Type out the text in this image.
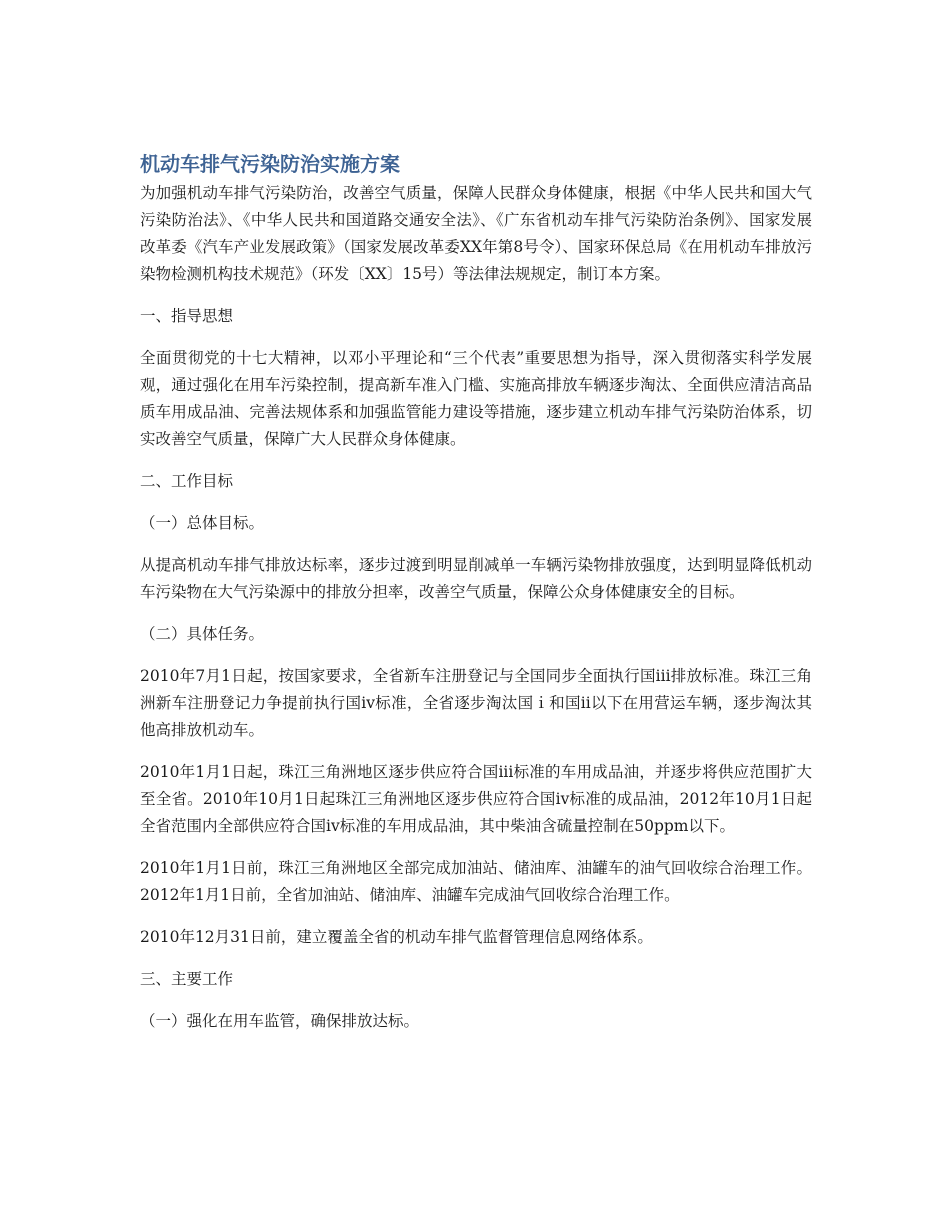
机动车排气污染防治实施方案

为加强机动车排气污染防治，改善空气质量，保障人民群众身体健康，根据《中华人民共和国大气污染防治法》、《中华人民共和国道路交通安全法》、《广东省机动车排气污染防治条例》、国家发展改革委《汽车产业发展政策》（国家发展改革委XX年第8号令）、国家环保总局《在用机动车排放污染物检测机构技术规范》（环发〔XX〕15号）等法律法规规定，制订本方案。

一、指导思想

全面贯彻党的十七大精神，以邓小平理论和“三个代表”重要思想为指导，深入贯彻落实科学发展观，通过强化在用车污染控制，提高新车准入门槛、实施高排放车辆逐步淘汰、全面供应清洁高品质车用成品油、完善法规体系和加强监管能力建设等措施，逐步建立机动车排气污染防治体系，切实改善空气质量，保障广大人民群众身体健康。

二、工作目标

（一）总体目标。

从提高机动车排气排放达标率，逐步过渡到明显削减单一车辆污染物排放强度，达到明显降低机动车污染物在大气污染源中的排放分担率，改善空气质量，保障公众身体健康安全的目标。

（二）具体任务。

2010年7月1日起，按国家要求，全省新车注册登记与全国同步全面执行国iii排放标准。珠江三角洲新车注册登记力争提前执行国iv标准，全省逐步淘汰国ｉ和国ii以下在用营运车辆，逐步淘汰其他高排放机动车。

2010年1月1日起，珠江三角洲地区逐步供应符合国iii标准的车用成品油，并逐步将供应范围扩大至全省。2010年10月1日起珠江三角洲地区逐步供应符合国iv标准的成品油，2012年10月1日起全省范围内全部供应符合国iv标准的车用成品油，其中柴油含硫量控制在50ppm以下。

2010年1月1日前，珠江三角洲地区全部完成加油站、储油库、油罐车的油气回收综合治理工作。2012年1月1日前，全省加油站、储油库、油罐车完成油气回收综合治理工作。

2010年12月31日前，建立覆盖全省的机动车排气监督管理信息网络体系。

三、主要工作

（一）强化在用车监管，确保排放达标。
